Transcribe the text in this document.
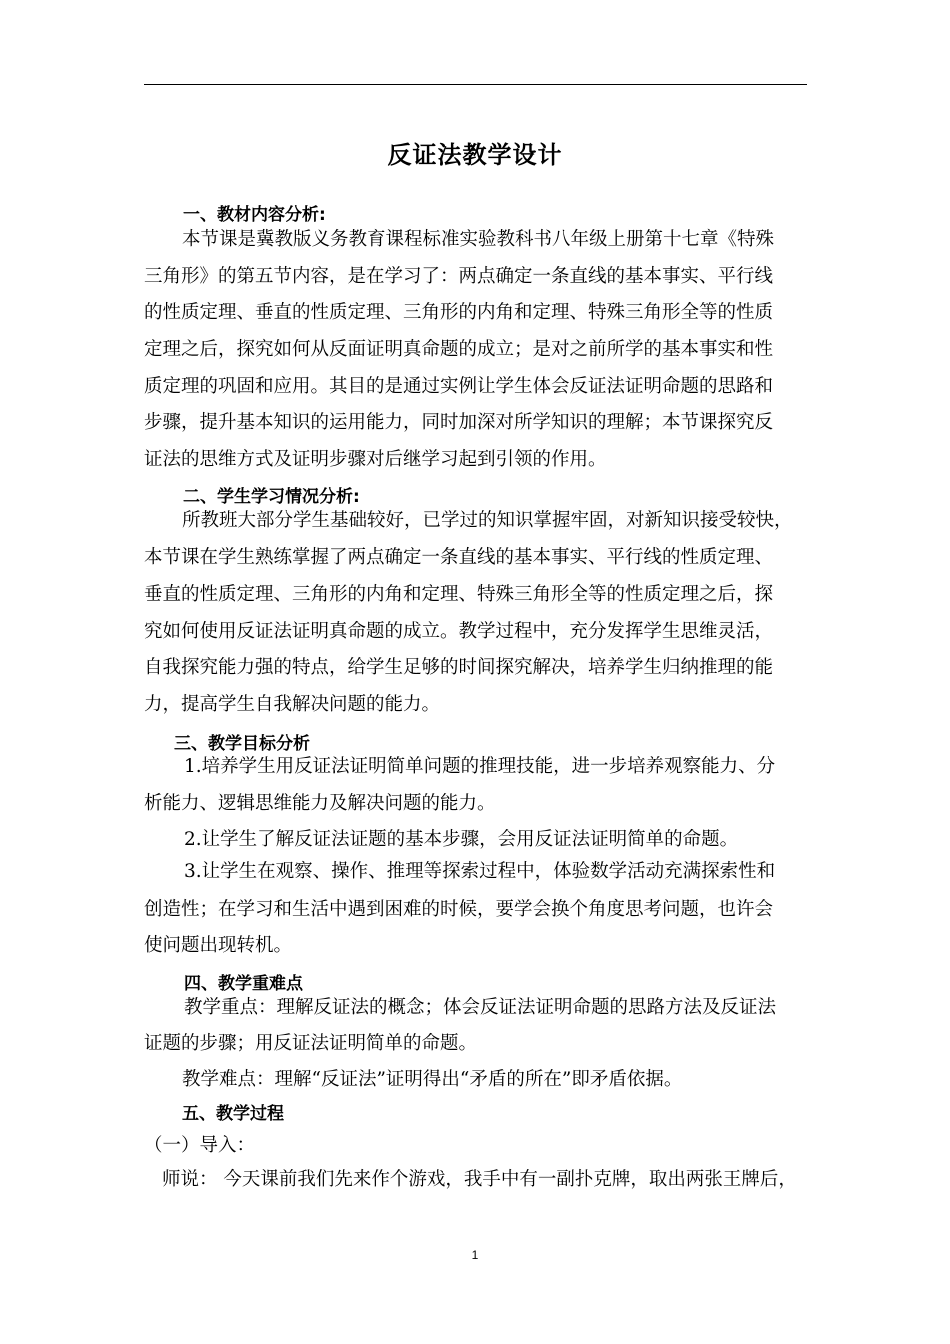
反证法教学设计
一、教材内容分析:
本节课是冀教版义务教育课程标准实验教科书八年级上册第十七章《特殊
三角形》的第五节内容，是在学习了：两点确定一条直线的基本事实、平行线
的性质定理、垂直的性质定理、三角形的内角和定理、特殊三角形全等的性质
定理之后，探究如何从反面证明真命题的成立；是对之前所学的基本事实和性
质定理的巩固和应用。其目的是通过实例让学生体会反证法证明命题的思路和
步骤，提升基本知识的运用能力，同时加深对所学知识的理解；本节课探究反
证法的思维方式及证明步骤对后继学习起到引领的作用。
二、学生学习情况分析:
所教班大部分学生基础较好，已学过的知识掌握牢固，对新知识接受较快，
本节课在学生熟练掌握了两点确定一条直线的基本事实、平行线的性质定理、
垂直的性质定理、三角形的内角和定理、特殊三角形全等的性质定理之后，探
究如何使用反证法证明真命题的成立。教学过程中，充分发挥学生思维灵活，
自我探究能力强的特点，给学生足够的时间探究解决，培养学生归纳推理的能
力，提高学生自我解决问题的能力。
三、教学目标分析
1.培养学生用反证法证明简单问题的推理技能，进一步培养观察能力、分
析能力、逻辑思维能力及解决问题的能力。
2.让学生了解反证法证题的基本步骤，会用反证法证明简单的命题。
3.让学生在观察、操作、推理等探索过程中，体验数学活动充满探索性和
创造性；在学习和生活中遇到困难的时候，要学会换个角度思考问题，也许会
使问题出现转机。
四、教学重难点
教学重点：理解反证法的概念；体会反证法证明命题的思路方法及反证法
证题的步骤；用反证法证明简单的命题。
教学难点：理解“反证法”证明得出“矛盾的所在”即矛盾依据。
五、教学过程
（一）导入：
师说： 今天课前我们先来作个游戏，我手中有一副扑克牌，取出两张王牌后，
1
